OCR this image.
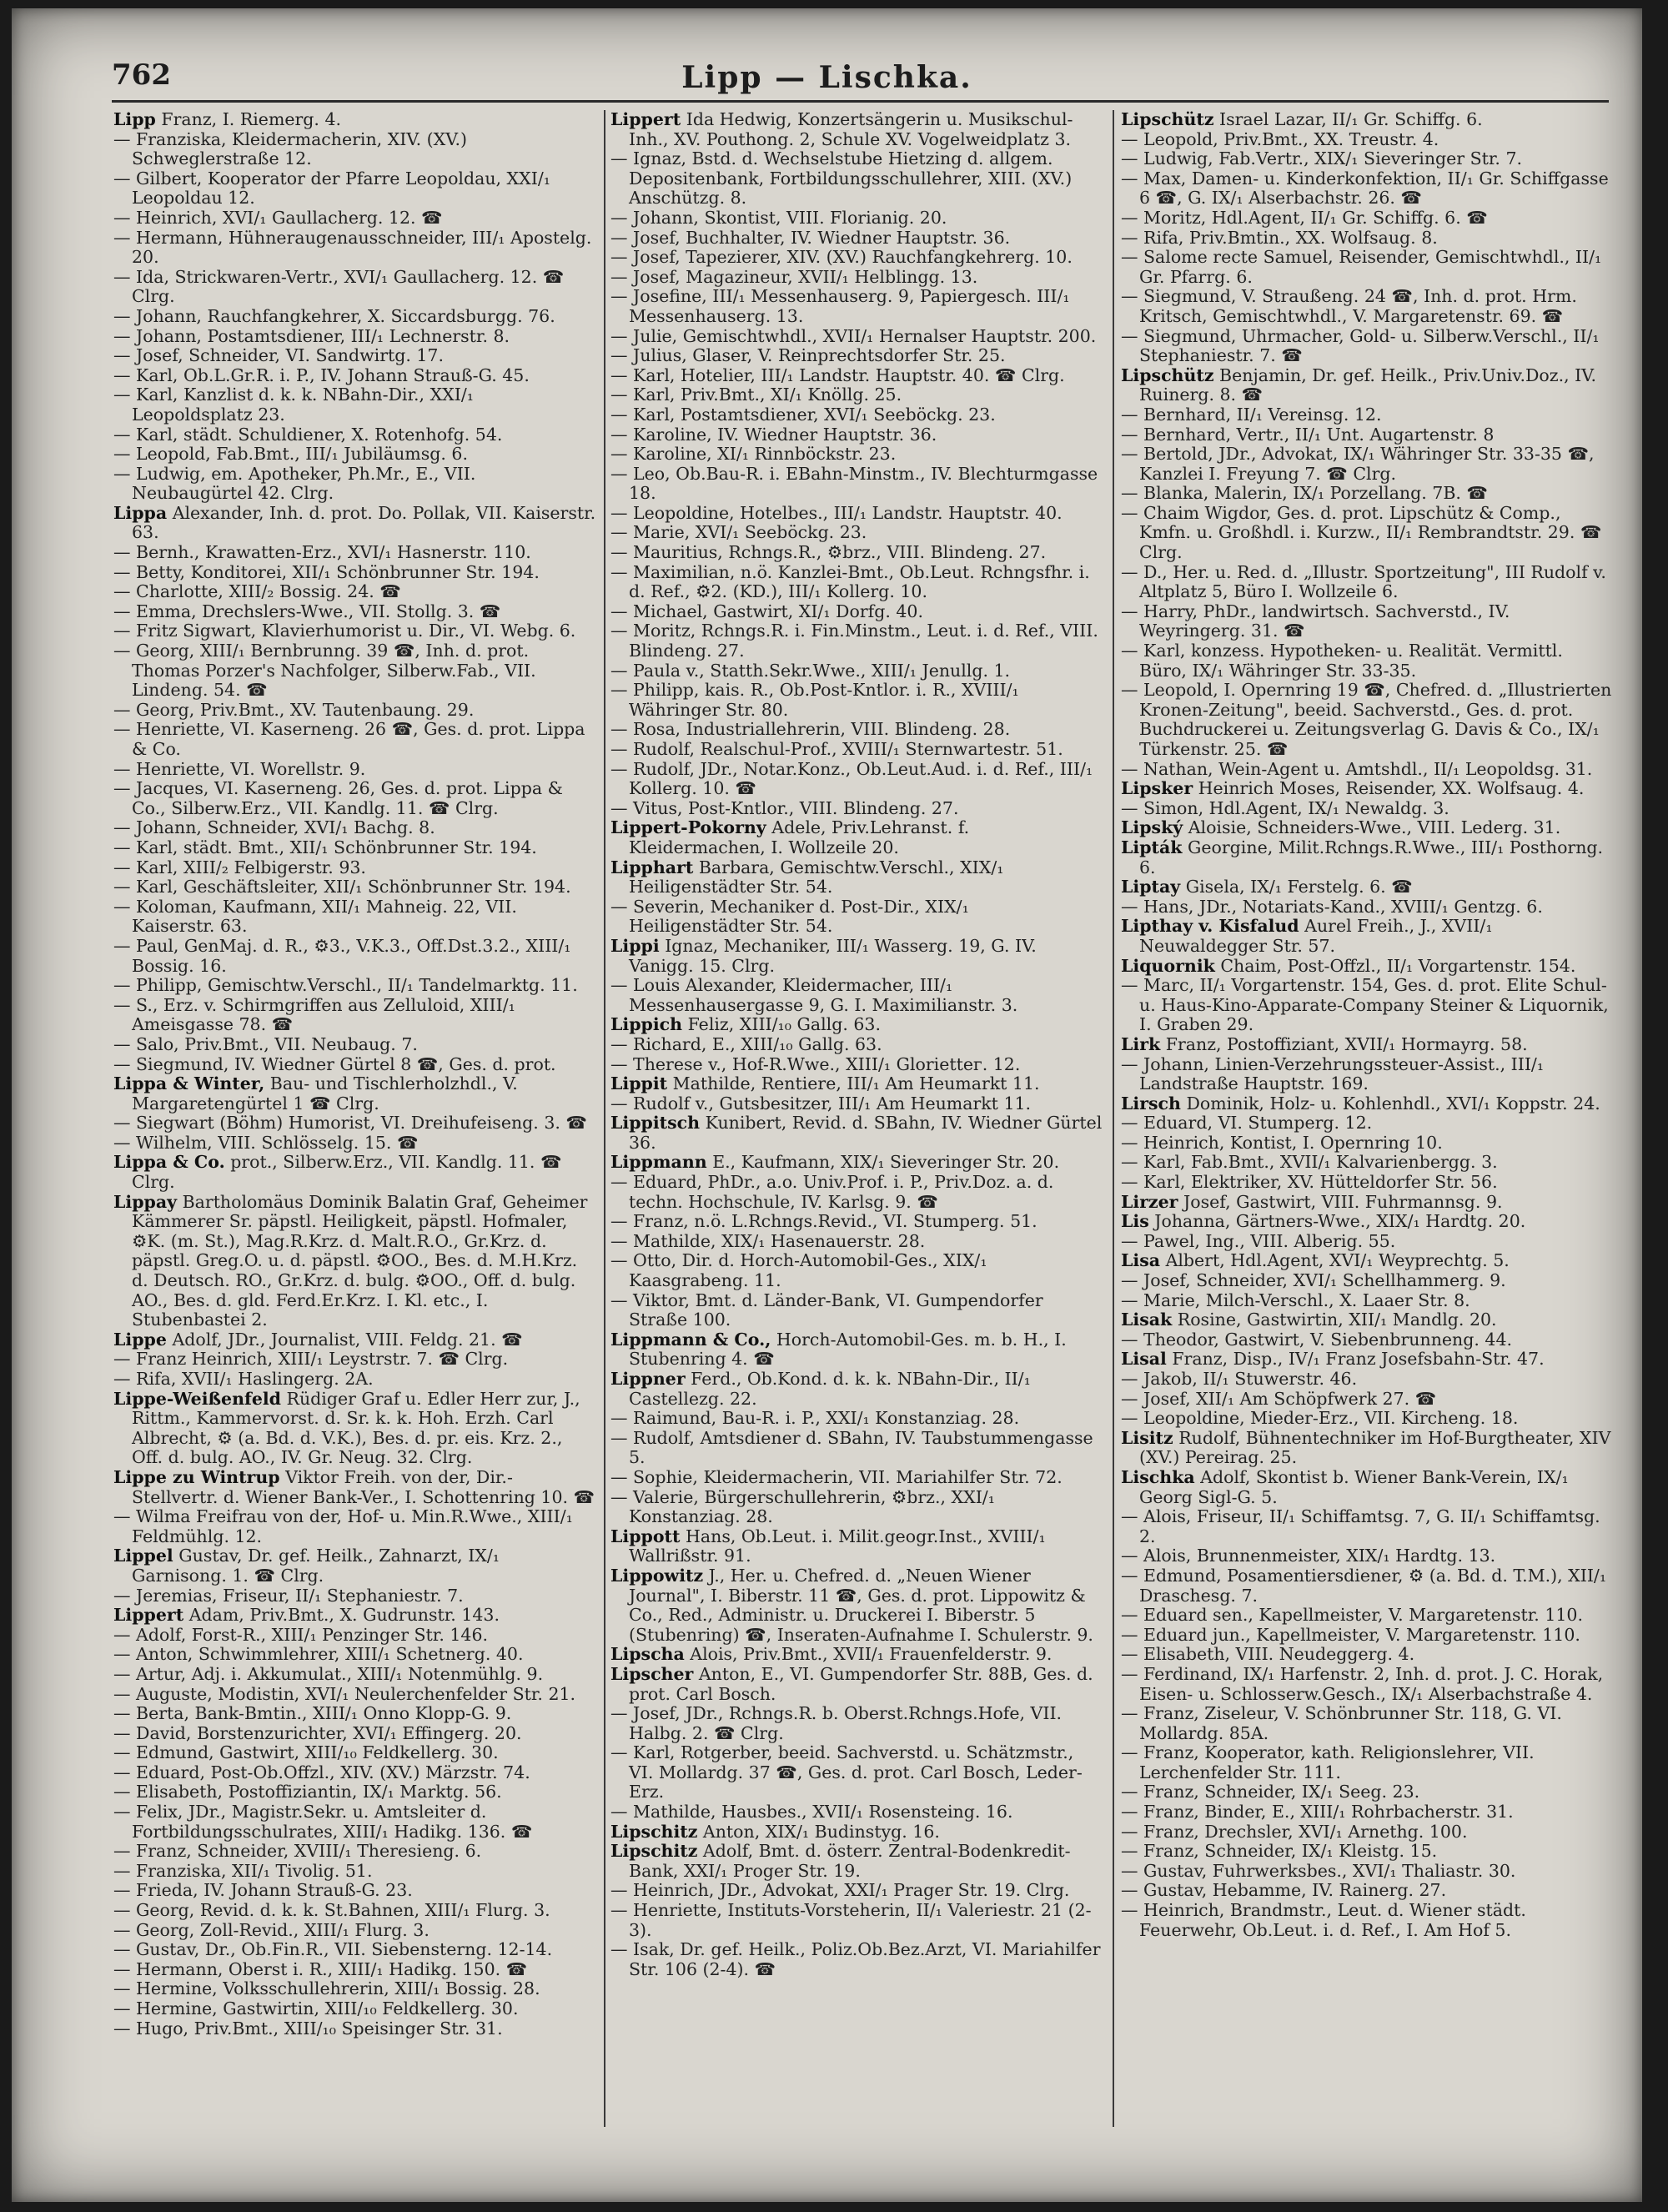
762	Lipp — Lischka.

Lipp Franz, I. Riemerg. 4.

— Franziska, Kleidermacherin, XIV. (XV.) Schweglerstraße 12.

— Gilbert, Kooperator der Pfarre Leopoldau, XXI/₁ Leopoldau 12.

— Heinrich, XVI/₁ Gaullacherg. 12. ☎

— Hermann, Hühneraugenausschneider, III/₁ Apostelg. 20.

— Ida, Strickwaren-Vertr., XVI/₁ Gaullacherg. 12. ☎ Clrg.

— Johann, Rauchfangkehrer, X. Siccardsburgg. 76.

— Johann, Postamtsdiener, III/₁ Lechnerstr. 8.

— Josef, Schneider, VI. Sandwirtg. 17.

— Karl, Ob.L.Gr.R. i. P., IV. Johann Strauß-G. 45.

— Karl, Kanzlist d. k. k. NBahn-Dir., XXI/₁ Leopoldsplatz 23.

— Karl, städt. Schuldiener, X. Rotenhofg. 54.

— Leopold, Fab.Bmt., III/₁ Jubiläumsg. 6.

— Ludwig, em. Apotheker, Ph.Mr., E., VII. Neubaugürtel 42. Clrg.

Lippa Alexander, Inh. d. prot. Do. Pollak, VII. Kaiserstr. 63.

— Bernh., Krawatten-Erz., XVI/₁ Hasnerstr. 110.

— Betty, Konditorei, XII/₁ Schönbrunner Str. 194.

— Charlotte, XIII/₂ Bossig. 24. ☎

— Emma, Drechslers-Wwe., VII. Stollg. 3. ☎

— Fritz Sigwart, Klavierhumorist u. Dir., VI. Webg. 6.

— Georg, XIII/₁ Bernbrunng. 39 ☎, Inh. d. prot. Thomas Porzer's Nachfolger, Silberw.Fab., VII. Lindeng. 54. ☎

— Georg, Priv.Bmt., XV. Tautenbaung. 29.

— Henriette, VI. Kaserneng. 26 ☎, Ges. d. prot. Lippa & Co.

— Henriette, VI. Worellstr. 9.

— Jacques, VI. Kaserneng. 26, Ges. d. prot. Lippa & Co., Silberw.Erz., VII. Kandlg. 11. ☎ Clrg.

— Johann, Schneider, XVI/₁ Bachg. 8.

— Karl, städt. Bmt., XII/₁ Schönbrunner Str. 194.

— Karl, XIII/₂ Felbigerstr. 93.

— Karl, Geschäftsleiter, XII/₁ Schönbrunner Str. 194.

— Koloman, Kaufmann, XII/₁ Mahneig. 22, VII. Kaiserstr. 63.

— Paul, GenMaj. d. R., ⚙3., V.K.3., Off.Dst.3.2., XIII/₁ Bossig. 16.

— Philipp, Gemischtw.Verschl., II/₁ Tandelmarktg. 11.

— S., Erz. v. Schirmgriffen aus Zelluloid, XIII/₁ Ameisgasse 78. ☎

— Salo, Priv.Bmt., VII. Neubaug. 7.

— Siegmund, IV. Wiedner Gürtel 8 ☎, Ges. d. prot.

Lippa & Winter, Bau- und Tischlerholzhdl., V. Margaretengürtel 1 ☎ Clrg.

— Siegwart (Böhm) Humorist, VI. Dreihufeiseng. 3. ☎

— Wilhelm, VIII. Schlösselg. 15. ☎

Lippa & Co. prot., Silberw.Erz., VII. Kandlg. 11. ☎ Clrg.

Lippay Bartholomäus Dominik Balatin Graf, Geheimer Kämmerer Sr. päpstl. Heiligkeit, päpstl. Hofmaler, ⚙K. (m. St.), Mag.R.Krz. d. Malt.R.O., Gr.Krz. d. päpstl. Greg.O. u. d. päpstl. ⚙OO., Bes. d. M.H.Krz. d. Deutsch. RO., Gr.Krz. d. bulg. ⚙OO., Off. d. bulg. AO., Bes. d. gld. Ferd.Er.Krz. I. Kl. etc., I. Stubenbastei 2.

Lippe Adolf, JDr., Journalist, VIII. Feldg. 21. ☎

— Franz Heinrich, XIII/₁ Leystrstr. 7. ☎ Clrg.

— Rifa, XVII/₁ Haslingerg. 2A.

Lippe-Weißenfeld Rüdiger Graf u. Edler Herr zur, J., Rittm., Kammervorst. d. Sr. k. k. Hoh. Erzh. Carl Albrecht, ⚙ (a. Bd. d. V.K.), Bes. d. pr. eis. Krz. 2., Off. d. bulg. AO., IV. Gr. Neug. 32. Clrg.

Lippe zu Wintrup Viktor Freih. von der, Dir.-Stellvertr. d. Wiener Bank-Ver., I. Schottenring 10. ☎

— Wilma Freifrau von der, Hof- u. Min.R.Wwe., XIII/₁ Feldmühlg. 12.

Lippel Gustav, Dr. gef. Heilk., Zahnarzt, IX/₁ Garnisong. 1. ☎ Clrg.

— Jeremias, Friseur, II/₁ Stephaniestr. 7.

Lippert Adam, Priv.Bmt., X. Gudrunstr. 143.

— Adolf, Forst-R., XIII/₁ Penzinger Str. 146.

— Anton, Schwimmlehrer, XIII/₁ Schetnerg. 40.

— Artur, Adj. i. Akkumulat., XIII/₁ Notenmühlg. 9.

— Auguste, Modistin, XVI/₁ Neulerchenfelder Str. 21.

— Berta, Bank-Bmtin., XIII/₁ Onno Klopp-G. 9.

— David, Borstenzurichter, XVI/₁ Effingerg. 20.

— Edmund, Gastwirt, XIII/₁₀ Feldkellerg. 30.

— Eduard, Post-Ob.Offzl., XIV. (XV.) Märzstr. 74.

— Elisabeth, Postoffiziantin, IX/₁ Marktg. 56.

— Felix, JDr., Magistr.Sekr. u. Amtsleiter d. Fortbildungsschulrates, XIII/₁ Hadikg. 136. ☎

— Franz, Schneider, XVIII/₁ Theresieng. 6.

— Franziska, XII/₁ Tivolig. 51.

— Frieda, IV. Johann Strauß-G. 23.

— Georg, Revid. d. k. k. St.Bahnen, XIII/₁ Flurg. 3.

— Georg, Zoll-Revid., XIII/₁ Flurg. 3.

— Gustav, Dr., Ob.Fin.R., VII. Siebensterng. 12-14.

— Hermann, Oberst i. R., XIII/₁ Hadikg. 150. ☎

— Hermine, Volksschullehrerin, XIII/₁ Bossig. 28.

— Hermine, Gastwirtin, XIII/₁₀ Feldkellerg. 30.

— Hugo, Priv.Bmt., XIII/₁₀ Speisinger Str. 31.

Lippert Ida Hedwig, Konzertsängerin u. Musikschul-Inh., XV. Pouthong. 2, Schule XV. Vogelweidplatz 3.

— Ignaz, Bstd. d. Wechselstube Hietzing d. allgem. Depositenbank, Fortbildungsschullehrer, XIII. (XV.) Anschützg. 8.

— Johann, Skontist, VIII. Florianig. 20.

— Josef, Buchhalter, IV. Wiedner Hauptstr. 36.

— Josef, Tapezierer, XIV. (XV.) Rauchfangkehrerg. 10.

— Josef, Magazineur, XVII/₁ Helblingg. 13.

— Josefine, III/₁ Messenhauserg. 9, Papiergesch. III/₁ Messenhauserg. 13.

— Julie, Gemischtwhdl., XVII/₁ Hernalser Hauptstr. 200.

— Julius, Glaser, V. Reinprechtsdorfer Str. 25.

— Karl, Hotelier, III/₁ Landstr. Hauptstr. 40. ☎ Clrg.

— Karl, Priv.Bmt., XI/₁ Knöllg. 25.

— Karl, Postamtsdiener, XVI/₁ Seeböckg. 23.

— Karoline, IV. Wiedner Hauptstr. 36.

— Karoline, XI/₁ Rinnböckstr. 23.

— Leo, Ob.Bau-R. i. EBahn-Minstm., IV. Blechturmgasse 18.

— Leopoldine, Hotelbes., III/₁ Landstr. Hauptstr. 40.

— Marie, XVI/₁ Seeböckg. 23.

— Mauritius, Rchngs.R., ⚙brz., VIII. Blindeng. 27.

— Maximilian, n.ö. Kanzlei-Bmt., Ob.Leut. Rchngsfhr. i. d. Ref., ⚙2. (KD.), III/₁ Kollerg. 10.

— Michael, Gastwirt, XI/₁ Dorfg. 40.

— Moritz, Rchngs.R. i. Fin.Minstm., Leut. i. d. Ref., VIII. Blindeng. 27.

— Paula v., Statth.Sekr.Wwe., XIII/₁ Jenullg. 1.

— Philipp, kais. R., Ob.Post-Kntlor. i. R., XVIII/₁ Währinger Str. 80.

— Rosa, Industriallehrerin, VIII. Blindeng. 28.

— Rudolf, Realschul-Prof., XVIII/₁ Sternwartestr. 51.

— Rudolf, JDr., Notar.Konz., Ob.Leut.Aud. i. d. Ref., III/₁ Kollerg. 10. ☎

— Vitus, Post-Kntlor., VIII. Blindeng. 27.

Lippert-Pokorny Adele, Priv.Lehranst. f. Kleidermachen, I. Wollzeile 20.

Lipphart Barbara, Gemischtw.Verschl., XIX/₁ Heiligenstädter Str. 54.

— Severin, Mechaniker d. Post-Dir., XIX/₁ Heiligenstädter Str. 54.

Lippi Ignaz, Mechaniker, III/₁ Wasserg. 19, G. IV. Vanigg. 15. Clrg.

— Louis Alexander, Kleidermacher, III/₁ Messenhausergasse 9, G. I. Maximilianstr. 3.

Lippich Feliz, XIII/₁₀ Gallg. 63.

— Richard, E., XIII/₁₀ Gallg. 63.

— Therese v., Hof-R.Wwe., XIII/₁ Gloriettег. 12.

Lippit Mathilde, Rentiere, III/₁ Am Heumarkt 11.

— Rudolf v., Gutsbesitzer, III/₁ Am Heumarkt 11.

Lippitsch Kunibert, Revid. d. SBahn, IV. Wiedner Gürtel 36.

Lippmann E., Kaufmann, XIX/₁ Sieveringer Str. 20.

— Eduard, PhDr., a.o. Univ.Prof. i. P., Priv.Doz. a. d. techn. Hochschule, IV. Karlsg. 9. ☎

— Franz, n.ö. L.Rchngs.Revid., VI. Stumperg. 51.

— Mathilde, XIX/₁ Hasenauerstr. 28.

— Otto, Dir. d. Horch-Automobil-Ges., XIX/₁ Kaasgrabeng. 11.

— Viktor, Bmt. d. Länder-Bank, VI. Gumpendorfer Straße 100.

Lippmann & Co., Horch-Automobil-Ges. m. b. H., I. Stubenring 4. ☎

Lippner Ferd., Ob.Kond. d. k. k. NBahn-Dir., II/₁ Castellezg. 22.

— Raimund, Bau-R. i. P., XXI/₁ Konstanziag. 28.

— Rudolf, Amtsdiener d. SBahn, IV. Taubstummengasse 5.

— Sophie, Kleidermacherin, VII. Mariahilfer Str. 72.

— Valerie, Bürgerschullehrerin, ⚙brz., XXI/₁ Konstanziag. 28.

Lippott Hans, Ob.Leut. i. Milit.geogr.Inst., XVIII/₁ Wallrißstr. 91.

Lippowitz J., Her. u. Chefred. d. „Neuen Wiener Journal", I. Biberstr. 11 ☎, Ges. d. prot. Lippowitz & Co., Red., Administr. u. Druckerei I. Biberstr. 5 (Stubenring) ☎, Inseraten-Aufnahme I. Schulerstr. 9.

Lipscha Alois, Priv.Bmt., XVII/₁ Frauenfelderstr. 9.

Lipscher Anton, E., VI. Gumpendorfer Str. 88B, Ges. d. prot. Carl Bosch.

— Josef, JDr., Rchngs.R. b. Oberst.Rchngs.Hofe, VII. Halbg. 2. ☎ Clrg.

— Karl, Rotgerber, beeid. Sachverstd. u. Schätzmstr., VI. Mollardg. 37 ☎, Ges. d. prot. Carl Bosch, Leder-Erz.

— Mathilde, Hausbes., XVII/₁ Rosensteing. 16.

Lipschitz Anton, XIX/₁ Budinstyg. 16.

Lipschitz Adolf, Bmt. d. österr. Zentral-Bodenkredit-Bank, XXI/₁ Proger Str. 19.

— Heinrich, JDr., Advokat, XXI/₁ Prager Str. 19. Clrg.

— Henriette, Instituts-Vorsteherin, II/₁ Valeriestr. 21 (2-3).

— Isak, Dr. gef. Heilk., Poliz.Ob.Bez.Arzt, VI. Mariahilfer Str. 106 (2-4). ☎

Lipschütz Israel Lazar, II/₁ Gr. Schiffg. 6.

— Leopold, Priv.Bmt., XX. Treustr. 4.

— Ludwig, Fab.Vertr., XIX/₁ Sieveringer Str. 7.

— Max, Damen- u. Kinderkonfektion, II/₁ Gr. Schiffgasse 6 ☎, G. IX/₁ Alserbachstr. 26. ☎

— Moritz, Hdl.Agent, II/₁ Gr. Schiffg. 6. ☎

— Rifa, Priv.Bmtin., XX. Wolfsaug. 8.

— Salome recte Samuel, Reisender, Gemischtwhdl., II/₁ Gr. Pfarrg. 6.

— Siegmund, V. Straußeng. 24 ☎, Inh. d. prot. Hrm. Kritsch, Gemischtwhdl., V. Margaretenstr. 69. ☎

— Siegmund, Uhrmacher, Gold- u. Silberw.Verschl., II/₁ Stephaniestr. 7. ☎

Lipschütz Benjamin, Dr. gef. Heilk., Priv.Univ.Doz., IV. Ruinerg. 8. ☎

— Bernhard, II/₁ Vereinsg. 12.

— Bernhard, Vertr., II/₁ Unt. Augartenstr. 8

— Bertold, JDr., Advokat, IX/₁ Währinger Str. 33-35 ☎, Kanzlei I. Freyung 7. ☎ Clrg.

— Blanka, Malerin, IX/₁ Porzellang. 7B. ☎

— Chaim Wigdor, Ges. d. prot. Lipschütz & Comp., Kmfn. u. Großhdl. i. Kurzw., II/₁ Rembrandtstr. 29. ☎ Clrg.

— D., Her. u. Red. d. „Illustr. Sportzeitung", III Rudolf v. Altplatz 5, Büro I. Wollzeile 6.

— Harry, PhDr., landwirtsch. Sachverstd., IV. Weyringerg. 31. ☎

— Karl, konzess. Hypotheken- u. Realität. Vermittl. Büro, IX/₁ Währinger Str. 33-35.

— Leopold, I. Opernring 19 ☎, Chefred. d. „Illustrierten Kronen-Zeitung", beeid. Sachverstd., Ges. d. prot. Buchdruckerei u. Zeitungsverlag G. Davis & Co., IX/₁ Türkenstr. 25. ☎

— Nathan, Wein-Agent u. Amtshdl., II/₁ Leopoldsg. 31.

Lipsker Heinrich Moses, Reisender, XX. Wolfsaug. 4.

— Simon, Hdl.Agent, IX/₁ Newaldg. 3.

Lipský Aloisie, Schneiders-Wwe., VIII. Lederg. 31.

Lipták Georgine, Milit.Rchngs.R.Wwe., III/₁ Posthorng. 6.

Liptay Gisela, IX/₁ Ferstelg. 6. ☎

— Hans, JDr., Notariats-Kand., XVIII/₁ Gentzg. 6.

Lipthay v. Kisfalud Aurel Freih., J., XVII/₁ Neuwaldegger Str. 57.

Liquornik Chaim, Post-Offzl., II/₁ Vorgartenstr. 154.

— Marc, II/₁ Vorgartenstr. 154, Ges. d. prot. Elite Schul- u. Haus-Kino-Apparate-Company Steiner & Liquornik, I. Graben 29.

Lirk Franz, Postoffiziant, XVII/₁ Hormayrg. 58.

— Johann, Linien-Verzehrungssteuer-Assist., III/₁ Landstraße Hauptstr. 169.

Lirsch Dominik, Holz- u. Kohlenhdl., XVI/₁ Koppstr. 24.

— Eduard, VI. Stumperg. 12.

— Heinrich, Kontist, I. Opernring 10.

— Karl, Fab.Bmt., XVII/₁ Kalvarienbergg. 3.

— Karl, Elektriker, XV. Hütteldorfer Str. 56.

Lirzer Josef, Gastwirt, VIII. Fuhrmannsg. 9.

Lis Johanna, Gärtners-Wwe., XIX/₁ Hardtg. 20.

— Pawel, Ing., VIII. Alberig. 55.

Lisa Albert, Hdl.Agent, XVI/₁ Weyprechtg. 5.

— Josef, Schneider, XVI/₁ Schellhammerg. 9.

— Marie, Milch-Verschl., X. Laaer Str. 8.

Lisak Rosine, Gastwirtin, XII/₁ Mandlg. 20.

— Theodor, Gastwirt, V. Siebenbrunneng. 44.

Lisal Franz, Disp., IV/₁ Franz Josefsbahn-Str. 47.

— Jakob, II/₁ Stuwerstr. 46.

— Josef, XII/₁ Am Schöpfwerk 27. ☎

— Leopoldine, Mieder-Erz., VII. Kircheng. 18.

Lisitz Rudolf, Bühnentechniker im Hof-Burgtheater, XIV (XV.) Pereirag. 25.

Lischka Adolf, Skontist b. Wiener Bank-Verein, IX/₁ Georg Sigl-G. 5.

— Alois, Friseur, II/₁ Schiffamtsg. 7, G. II/₁ Schiffamtsg. 2.

— Alois, Brunnenmeister, XIX/₁ Hardtg. 13.

— Edmund, Posamentiersdiener, ⚙ (a. Bd. d. T.M.), XII/₁ Draschesg. 7.

— Eduard sen., Kapellmeister, V. Margaretenstr. 110.

— Eduard jun., Kapellmeister, V. Margaretenstr. 110.

— Elisabeth, VIII. Neudeggerg. 4.

— Ferdinand, IX/₁ Harfenstr. 2, Inh. d. prot. J. C. Horak, Eisen- u. Schlosserw.Gesch., IX/₁ Alserbachstraße 4.

— Franz, Ziseleur, V. Schönbrunner Str. 118, G. VI. Mollardg. 85A.

— Franz, Kooperator, kath. Religionslehrer, VII. Lerchenfelder Str. 111.

— Franz, Schneider, IX/₁ Seeg. 23.

— Franz, Binder, E., XIII/₁ Rohrbacherstr. 31.

— Franz, Drechsler, XVI/₁ Arnethg. 100.

— Franz, Schneider, IX/₁ Kleistg. 15.

— Gustav, Fuhrwerksbes., XVI/₁ Thaliastr. 30.

— Gustav, Hebamme, IV. Rainerg. 27.

— Heinrich, Brandmstr., Leut. d. Wiener städt. Feuerwehr, Ob.Leut. i. d. Ref., I. Am Hof 5.
